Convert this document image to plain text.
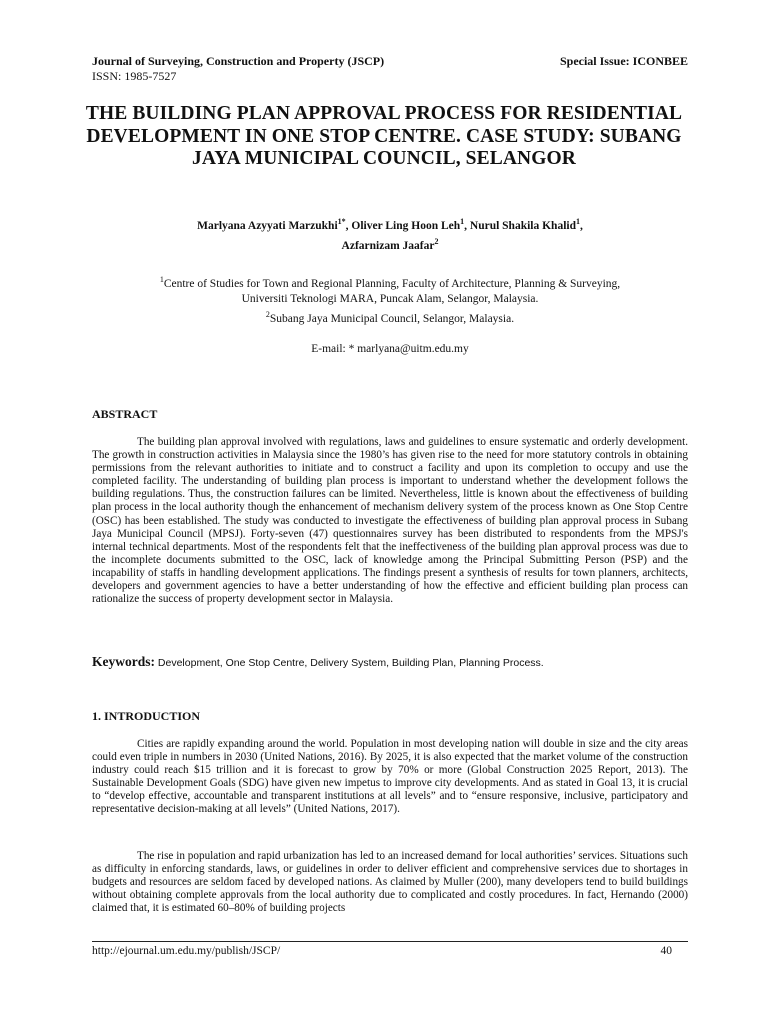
Journal of Surveying, Construction and Property (JSCP)	Special Issue: ICONBEE
ISSN: 1985-7527
THE BUILDING PLAN APPROVAL PROCESS FOR RESIDENTIAL DEVELOPMENT IN ONE STOP CENTRE. CASE STUDY: SUBANG JAYA MUNICIPAL COUNCIL, SELANGOR
Marlyana Azyyati Marzukhi$^{1*}$, Oliver Ling Hoon Leh$^1$, Nurul Shakila Khalid$^1$,
Azfarnizam Jaafar$^2$
$^1$Centre of Studies for Town and Regional Planning, Faculty of Architecture, Planning & Surveying,
Universiti Teknologi MARA, Puncak Alam, Selangor, Malaysia.
$^2$Subang Jaya Municipal Council, Selangor, Malaysia.
E-mail: * marlyana@uitm.edu.my
ABSTRACT

The building plan approval involved with regulations, laws and guidelines to ensure systematic and orderly development. The growth in construction activities in Malaysia since the 1980’s has given rise to the need for more statutory controls in obtaining permissions from the relevant authorities to initiate and to construct a facility and upon its completion to occupy and use the completed facility. The understanding of building plan process is important to understand whether the development follows the building regulations. Thus, the construction failures can be limited. Nevertheless, little is known about the effectiveness of building plan process in the local authority though the enhancement of mechanism delivery system of the process known as One Stop Centre (OSC) has been established. The study was conducted to investigate the effectiveness of building plan approval process in Subang Jaya Municipal Council (MPSJ). Forty-seven (47) questionnaires survey has been distributed to respondents from the MPSJ's internal technical departments. Most of the respondents felt that the ineffectiveness of the building plan approval process was due to the incomplete documents submitted to the OSC, lack of knowledge among the Principal Submitting Person (PSP) and the incapability of staffs in handling development applications. The findings present a synthesis of results for town planners, architects, developers and government agencies to have a better understanding of how the effective and efficient building plan process can rationalize the success of property development sector in Malaysia.

Keywords: Development, One Stop Centre, Delivery System, Building Plan, Planning Process.
1. INTRODUCTION

Cities are rapidly expanding around the world. Population in most developing nation will double in size and the city areas could even triple in numbers in 2030 (United Nations, 2016). By 2025, it is also expected that the market volume of the construction industry could reach $15 trillion and it is forecast to grow by 70% or more (Global Construction 2025 Report, 2013). The Sustainable Development Goals (SDG) have given new impetus to improve city developments. And as stated in Goal 13, it is crucial to “develop effective, accountable and transparent institutions at all levels” and to “ensure responsive, inclusive, participatory and representative decision-making at all levels” (United Nations, 2017).

The rise in population and rapid urbanization has led to an increased demand for local authorities’ services. Situations such as difficulty in enforcing standards, laws, or guidelines in order to deliver efficient and comprehensive services due to shortages in budgets and resources are seldom faced by developed nations. As claimed by Muller (200), many developers tend to build buildings without obtaining complete approvals from the local authority due to complicated and costly procedures. In fact, Hernando (2000) claimed that, it is estimated 60–80% of building projects

http://ejournal.um.edu.my/publish/JSCP/	40
